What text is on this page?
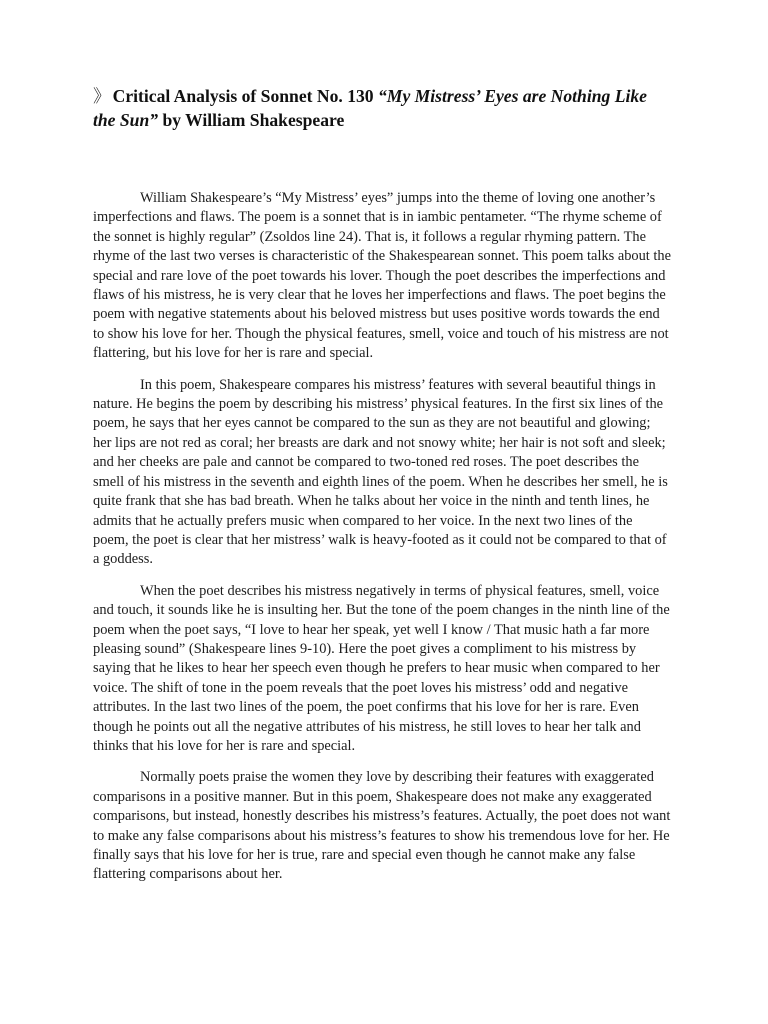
》 Critical Analysis of Sonnet No. 130 “My Mistress’ Eyes are Nothing Like the Sun” by William Shakespeare

William Shakespeare’s “My Mistress’ eyes” jumps into the theme of loving one another’s imperfections and flaws. The poem is a sonnet that is in iambic pentameter. “The rhyme scheme of the sonnet is highly regular” (Zsoldos line 24). That is, it follows a regular rhyming pattern. The rhyme of the last two verses is characteristic of the Shakespearean sonnet. This poem talks about the special and rare love of the poet towards his lover. Though the poet describes the imperfections and flaws of his mistress, he is very clear that he loves her imperfections and flaws. The poet begins the poem with negative statements about his beloved mistress but uses positive words towards the end to show his love for her. Though the physical features, smell, voice and touch of his mistress are not flattering, but his love for her is rare and special.

In this poem, Shakespeare compares his mistress’ features with several beautiful things in nature. He begins the poem by describing his mistress’ physical features. In the first six lines of the poem, he says that her eyes cannot be compared to the sun as they are not beautiful and glowing; her lips are not red as coral; her breasts are dark and not snowy white; her hair is not soft and sleek; and her cheeks are pale and cannot be compared to two-toned red roses. The poet describes the smell of his mistress in the seventh and eighth lines of the poem. When he describes her smell, he is quite frank that she has bad breath. When he talks about her voice in the ninth and tenth lines, he admits that he actually prefers music when compared to her voice. In the next two lines of the poem, the poet is clear that her mistress’ walk is heavy-footed as it could not be compared to that of a goddess.

When the poet describes his mistress negatively in terms of physical features, smell, voice and touch, it sounds like he is insulting her. But the tone of the poem changes in the ninth line of the poem when the poet says, “I love to hear her speak, yet well I know / That music hath a far more pleasing sound” (Shakespeare lines 9-10). Here the poet gives a compliment to his mistress by saying that he likes to hear her speech even though he prefers to hear music when compared to her voice. The shift of tone in the poem reveals that the poet loves his mistress’ odd and negative attributes. In the last two lines of the poem, the poet confirms that his love for her is rare. Even though he points out all the negative attributes of his mistress, he still loves to hear her talk and thinks that his love for her is rare and special.

Normally poets praise the women they love by describing their features with exaggerated comparisons in a positive manner. But in this poem, Shakespeare does not make any exaggerated comparisons, but instead, honestly describes his mistress’s features. Actually, the poet does not want to make any false comparisons about his mistress’s features to show his tremendous love for her. He finally says that his love for her is true, rare and special even though he cannot make any false flattering comparisons about her.
